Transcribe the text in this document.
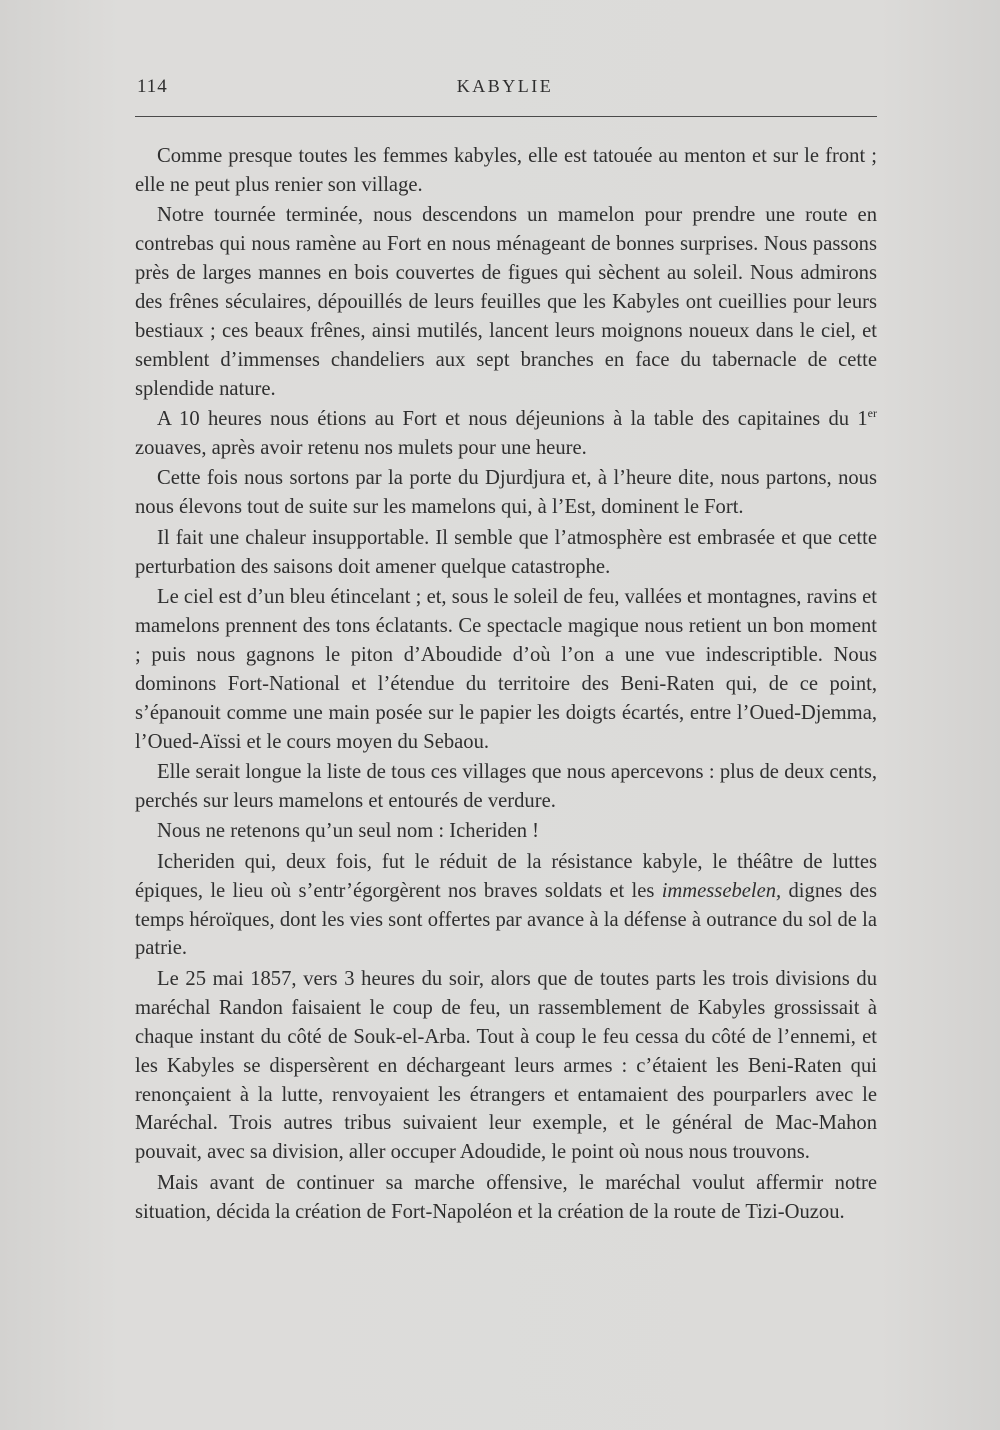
114	KABYLIE

Comme presque toutes les femmes kabyles, elle est tatouée au menton et sur le front ; elle ne peut plus renier son village.

Notre tournée terminée, nous descendons un mamelon pour prendre une route en contrebas qui nous ramène au Fort en nous ménageant de bonnes surprises. Nous passons près de larges mannes en bois couvertes de figues qui sèchent au soleil. Nous admirons des frênes séculaires, dépouillés de leurs feuilles que les Kabyles ont cueillies pour leurs bestiaux ; ces beaux frênes, ainsi mutilés, lancent leurs moignons noueux dans le ciel, et semblent d’immenses chandeliers aux sept branches en face du tabernacle de cette splendide nature.

A 10 heures nous étions au Fort et nous déjeunions à la table des capitaines du 1er zouaves, après avoir retenu nos mulets pour une heure.

Cette fois nous sortons par la porte du Djurdjura et, à l’heure dite, nous partons, nous nous élevons tout de suite sur les mamelons qui, à l’Est, dominent le Fort.

Il fait une chaleur insupportable. Il semble que l’atmosphère est embrasée et que cette perturbation des saisons doit amener quelque catastrophe.

Le ciel est d’un bleu étincelant ; et, sous le soleil de feu, vallées et montagnes, ravins et mamelons prennent des tons éclatants. Ce spectacle magique nous retient un bon moment ; puis nous gagnons le piton d’Aboudide d’où l’on a une vue indescriptible. Nous dominons Fort-National et l’étendue du territoire des Beni-Raten qui, de ce point, s’épanouit comme une main posée sur le papier les doigts écartés, entre l’Oued-Djemma, l’Oued-Aïssi et le cours moyen du Sebaou.

Elle serait longue la liste de tous ces villages que nous apercevons : plus de deux cents, perchés sur leurs mamelons et entourés de verdure.

Nous ne retenons qu’un seul nom : Icheriden !

Icheriden qui, deux fois, fut le réduit de la résistance kabyle, le théâtre de luttes épiques, le lieu où s’entr’égorgèrent nos braves soldats et les immessebelen, dignes des temps héroïques, dont les vies sont offertes par avance à la défense à outrance du sol de la patrie.

Le 25 mai 1857, vers 3 heures du soir, alors que de toutes parts les trois divisions du maréchal Randon faisaient le coup de feu, un rassemblement de Kabyles grossissait à chaque instant du côté de Souk-el-Arba. Tout à coup le feu cessa du côté de l’ennemi, et les Kabyles se dispersèrent en déchargeant leurs armes : c’étaient les Beni-Raten qui renonçaient à la lutte, renvoyaient les étrangers et entamaient des pourparlers avec le Maréchal. Trois autres tribus suivaient leur exemple, et le général de Mac-Mahon pouvait, avec sa division, aller occuper Adoudide, le point où nous nous trouvons.

Mais avant de continuer sa marche offensive, le maréchal voulut affermir notre situation, décida la création de Fort-Napoléon et la création de la route de Tizi-Ouzou.
